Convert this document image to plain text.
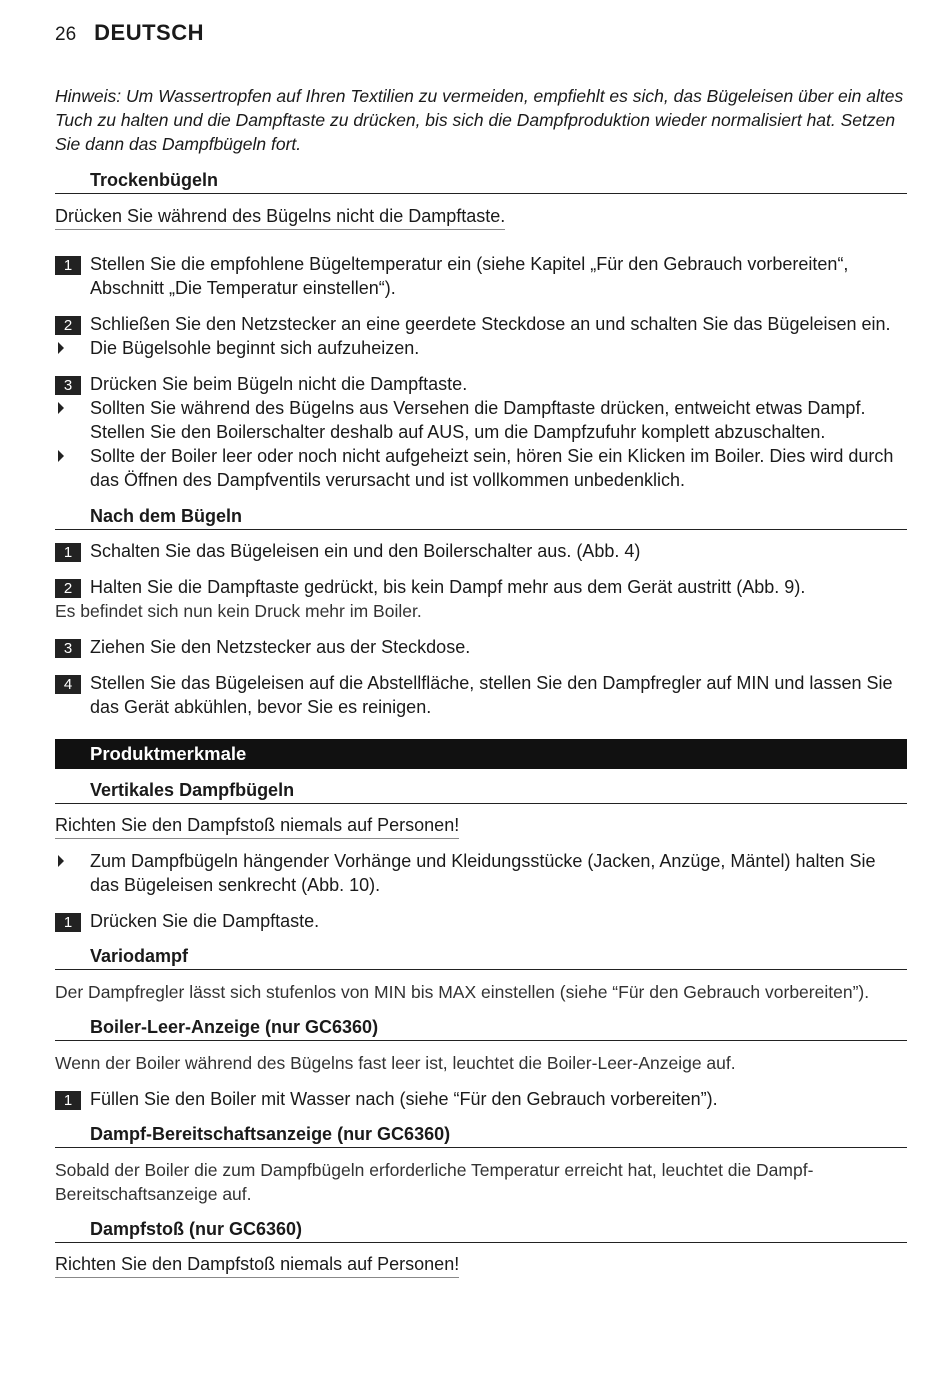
26 DEUTSCH
Hinweis: Um Wassertropfen auf Ihren Textilien zu vermeiden, empfiehlt es sich, das Bügeleisen über ein altes Tuch zu halten und die Dampftaste zu drücken, bis sich die Dampfproduktion wieder normalisiert hat. Setzen Sie dann das Dampfbügeln fort.
Trockenbügeln
Drücken Sie während des Bügelns nicht die Dampftaste.
1 Stellen Sie die empfohlene Bügeltemperatur ein (siehe Kapitel „Für den Gebrauch vorbereiten“, Abschnitt „Die Temperatur einstellen“).
2 Schließen Sie den Netzstecker an eine geerdete Steckdose an und schalten Sie das Bügeleisen ein.
Die Bügelsohle beginnt sich aufzuheizen.
3 Drücken Sie beim Bügeln nicht die Dampftaste.
Sollten Sie während des Bügelns aus Versehen die Dampftaste drücken, entweicht etwas Dampf. Stellen Sie den Boilerschalter deshalb auf AUS, um die Dampfzufuhr komplett abzuschalten.
Sollte der Boiler leer oder noch nicht aufgeheizt sein, hören Sie ein Klicken im Boiler. Dies wird durch das Öffnen des Dampfventils verursacht und ist vollkommen unbedenklich.
Nach dem Bügeln
1 Schalten Sie das Bügeleisen ein und den Boilerschalter aus. (Abb. 4)
2 Halten Sie die Dampftaste gedrückt, bis kein Dampf mehr aus dem Gerät austritt (Abb. 9).
Es befindet sich nun kein Druck mehr im Boiler.
3 Ziehen Sie den Netzstecker aus der Steckdose.
4 Stellen Sie das Bügeleisen auf die Abstellfläche, stellen Sie den Dampfregler auf MIN und lassen Sie das Gerät abkühlen, bevor Sie es reinigen.
Produktmerkmale
Vertikales Dampfbügeln
Richten Sie den Dampfstoß niemals auf Personen!
Zum Dampfbügeln hängender Vorhänge und Kleidungsstücke (Jacken, Anzüge, Mäntel) halten Sie das Bügeleisen senkrecht (Abb. 10).
1 Drücken Sie die Dampftaste.
Variodampf
Der Dampfregler lässt sich stufenlos von MIN bis MAX einstellen (siehe “Für den Gebrauch vorbereiten”).
Boiler-Leer-Anzeige (nur GC6360)
Wenn der Boiler während des Bügelns fast leer ist, leuchtet die Boiler-Leer-Anzeige auf.
1 Füllen Sie den Boiler mit Wasser nach (siehe “Für den Gebrauch vorbereiten”).
Dampf-Bereitschaftsanzeige (nur GC6360)
Sobald der Boiler die zum Dampfbügeln erforderliche Temperatur erreicht hat, leuchtet die Dampf-Bereitschaftsanzeige auf.
Dampfstoß (nur GC6360)
Richten Sie den Dampfstoß niemals auf Personen!
